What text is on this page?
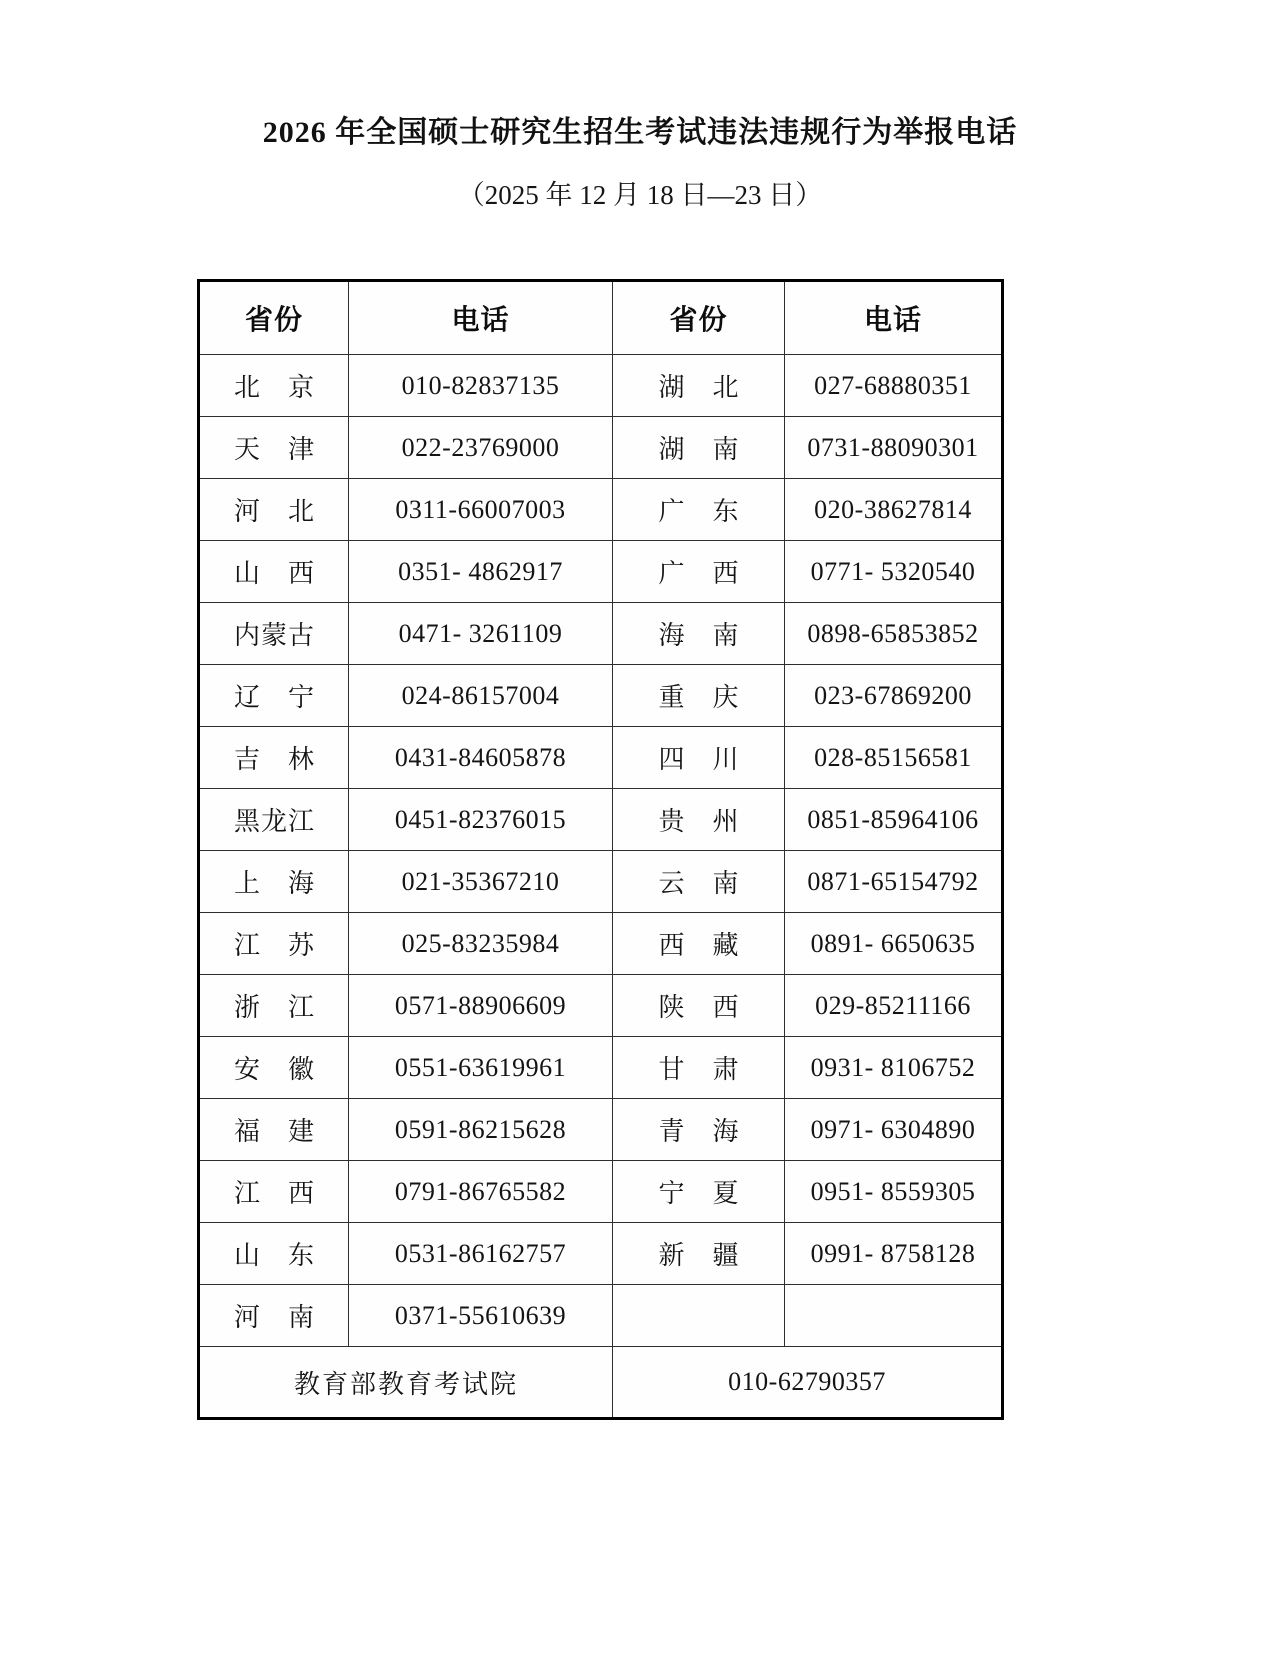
2026 年全国硕士研究生招生考试违法违规行为举报电话
（2025 年 12 月 18 日—23 日）
省份	电话	省份	电话
北京	010-82837135	湖北	027-68880351
天津	022-23769000	湖南	0731-88090301
河北	0311-66007003	广东	020-38627814
山西	0351- 4862917	广西	0771- 5320540
内蒙古	0471- 3261109	海南	0898-65853852
辽宁	024-86157004	重庆	023-67869200
吉林	0431-84605878	四川	028-85156581
黑龙江	0451-82376015	贵州	0851-85964106
上海	021-35367210	云南	0871-65154792
江苏	025-83235984	西藏	0891- 6650635
浙江	0571-88906609	陕西	029-85211166
安徽	0551-63619961	甘肃	0931- 8106752
福建	0591-86215628	青海	0971- 6304890
江西	0791-86765582	宁夏	0951- 8559305
山东	0531-86162757	新疆	0991- 8758128
河南	0371-55610639		
教育部教育考试院		010-62790357	
